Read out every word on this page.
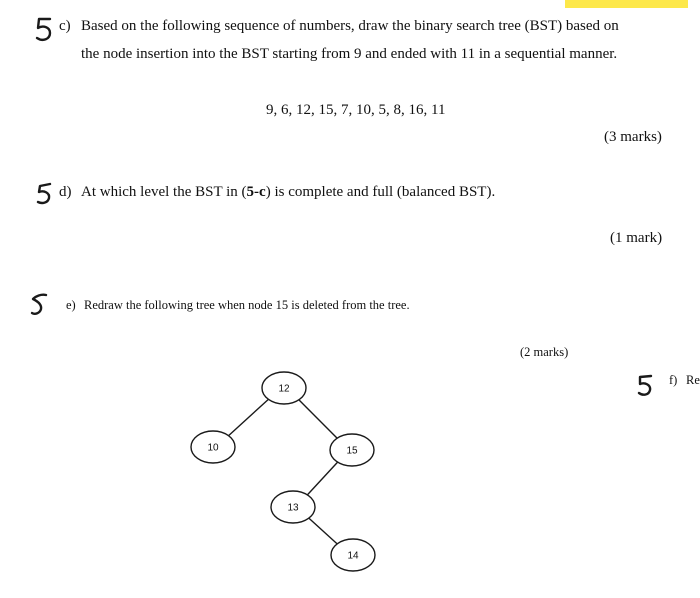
c) Based on the following sequence of numbers, draw the binary search tree (BST) based on
the node insertion into the BST starting from 9 and ended with 11 in a sequential manner.
9, 6, 12, 15, 7, 10, 5, 8, 16, 11
(3 marks)
d) At which level the BST in (5-c) is complete and full (balanced BST).
(1 mark)
e) Redraw the following tree when node 15 is deleted from the tree.
(2 marks)
f) Re
12
10	15
13
14
